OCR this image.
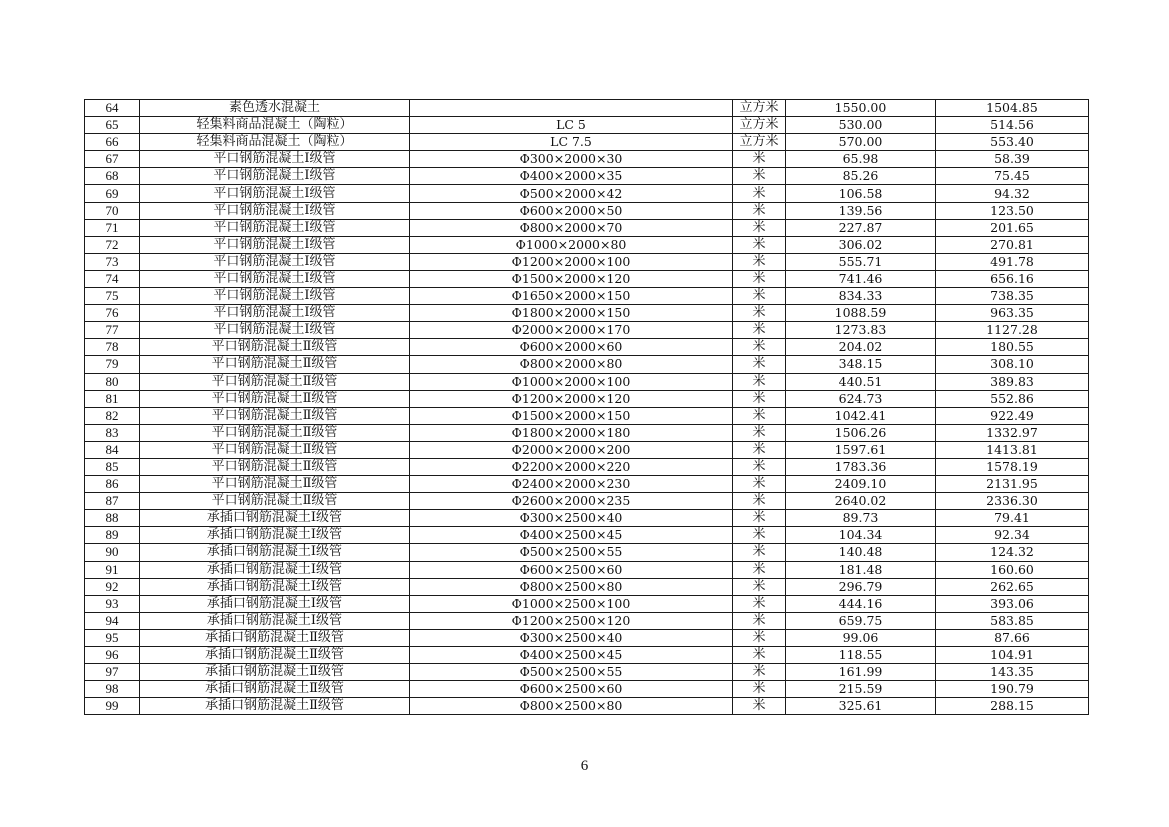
64	素色透水混凝土		立方米	1550.00	1504.85
65	轻集料商品混凝土（陶粒）	LC 5	立方米	530.00	514.56
66	轻集料商品混凝土（陶粒）	LC 7.5	立方米	570.00	553.40
67	平口钢筋混凝土Ⅰ级管	Φ300×2000×30	米	65.98	58.39
68	平口钢筋混凝土Ⅰ级管	Φ400×2000×35	米	85.26	75.45
69	平口钢筋混凝土Ⅰ级管	Φ500×2000×42	米	106.58	94.32
70	平口钢筋混凝土Ⅰ级管	Φ600×2000×50	米	139.56	123.50
71	平口钢筋混凝土Ⅰ级管	Φ800×2000×70	米	227.87	201.65
72	平口钢筋混凝土Ⅰ级管	Φ1000×2000×80	米	306.02	270.81
73	平口钢筋混凝土Ⅰ级管	Φ1200×2000×100	米	555.71	491.78
74	平口钢筋混凝土Ⅰ级管	Φ1500×2000×120	米	741.46	656.16
75	平口钢筋混凝土Ⅰ级管	Φ1650×2000×150	米	834.33	738.35
76	平口钢筋混凝土Ⅰ级管	Φ1800×2000×150	米	1088.59	963.35
77	平口钢筋混凝土Ⅰ级管	Φ2000×2000×170	米	1273.83	1127.28
78	平口钢筋混凝土Ⅱ级管	Φ600×2000×60	米	204.02	180.55
79	平口钢筋混凝土Ⅱ级管	Φ800×2000×80	米	348.15	308.10
80	平口钢筋混凝土Ⅱ级管	Φ1000×2000×100	米	440.51	389.83
81	平口钢筋混凝土Ⅱ级管	Φ1200×2000×120	米	624.73	552.86
82	平口钢筋混凝土Ⅱ级管	Φ1500×2000×150	米	1042.41	922.49
83	平口钢筋混凝土Ⅱ级管	Φ1800×2000×180	米	1506.26	1332.97
84	平口钢筋混凝土Ⅱ级管	Φ2000×2000×200	米	1597.61	1413.81
85	平口钢筋混凝土Ⅱ级管	Φ2200×2000×220	米	1783.36	1578.19
86	平口钢筋混凝土Ⅱ级管	Φ2400×2000×230	米	2409.10	2131.95
87	平口钢筋混凝土Ⅱ级管	Φ2600×2000×235	米	2640.02	2336.30
88	承插口钢筋混凝土Ⅰ级管	Φ300×2500×40	米	89.73	79.41
89	承插口钢筋混凝土Ⅰ级管	Φ400×2500×45	米	104.34	92.34
90	承插口钢筋混凝土Ⅰ级管	Φ500×2500×55	米	140.48	124.32
91	承插口钢筋混凝土Ⅰ级管	Φ600×2500×60	米	181.48	160.60
92	承插口钢筋混凝土Ⅰ级管	Φ800×2500×80	米	296.79	262.65
93	承插口钢筋混凝土Ⅰ级管	Φ1000×2500×100	米	444.16	393.06
94	承插口钢筋混凝土Ⅰ级管	Φ1200×2500×120	米	659.75	583.85
95	承插口钢筋混凝土Ⅱ级管	Φ300×2500×40	米	99.06	87.66
96	承插口钢筋混凝土Ⅱ级管	Φ400×2500×45	米	118.55	104.91
97	承插口钢筋混凝土Ⅱ级管	Φ500×2500×55	米	161.99	143.35
98	承插口钢筋混凝土Ⅱ级管	Φ600×2500×60	米	215.59	190.79
99	承插口钢筋混凝土Ⅱ级管	Φ800×2500×80	米	325.61	288.15
6
